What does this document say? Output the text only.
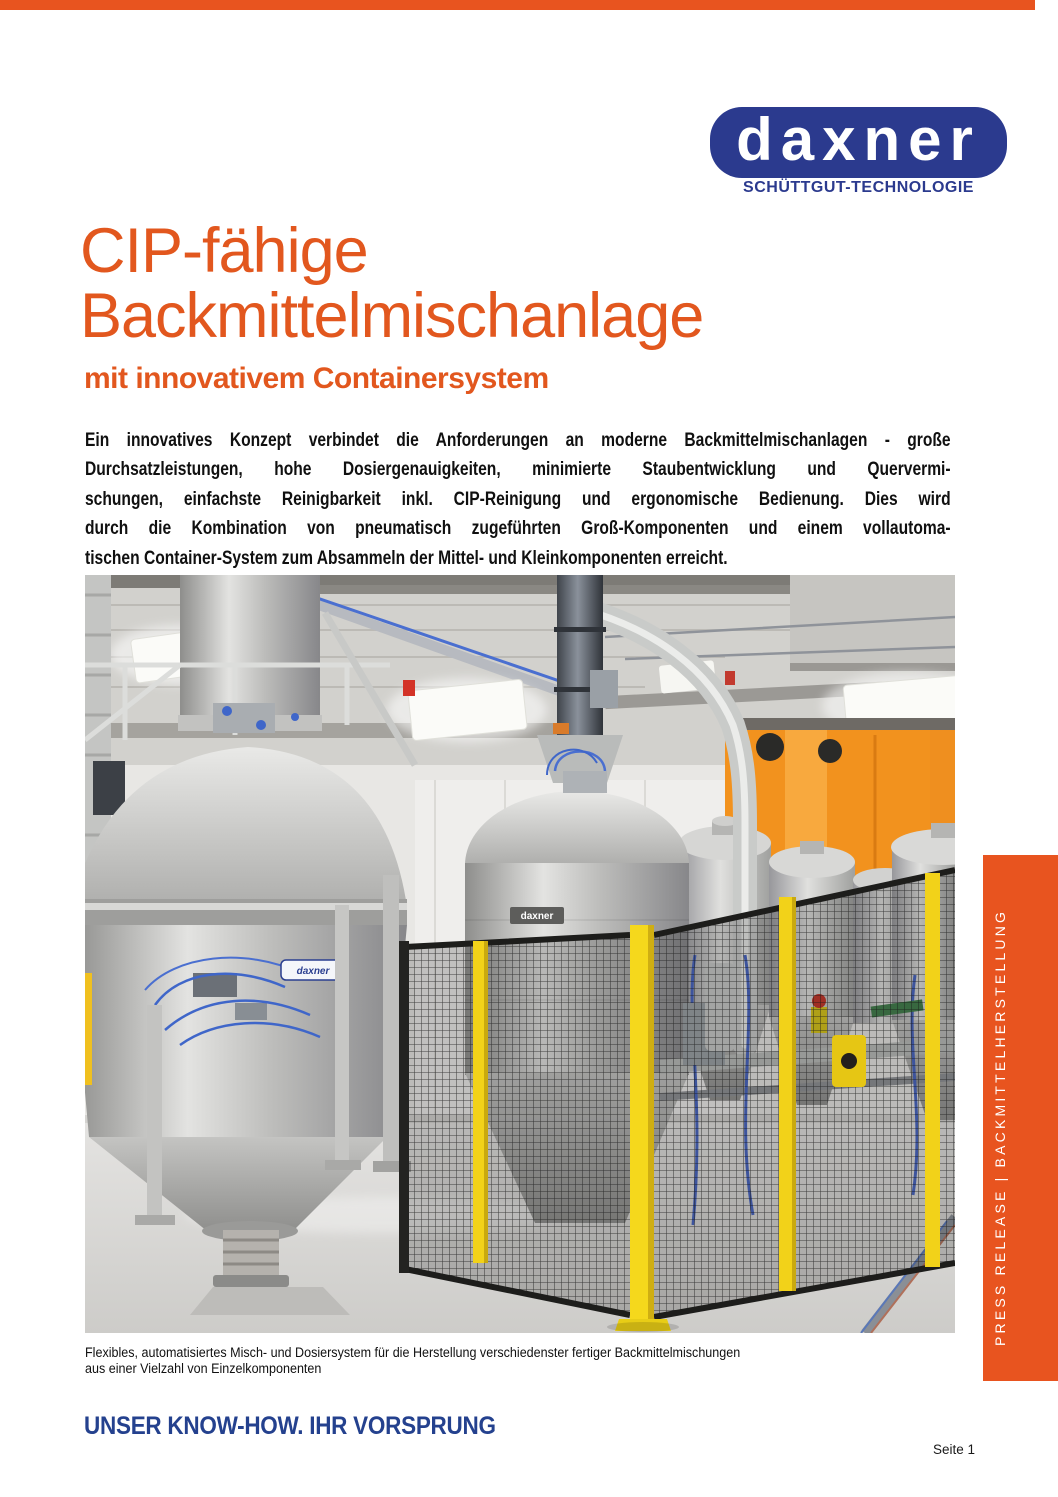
daxner
SCHÜTTGUT-TECHNOLOGIE
CIP-fähige
Backmittelmischanlage
mit innovativem Containersystem
Ein innovatives Konzept verbindet die Anforderungen an moderne Backmittelmischanlagen - große
Durchsatzleistungen, hohe Dosiergenauigkeiten, minimierte Staubentwicklung und Quervermi-
schungen, einfachste Reinigbarkeit inkl. CIP-Reinigung und ergonomische Bedienung. Dies wird
durch die Kombination von pneumatisch zugeführten Groß-Komponenten und einem vollautoma-
tischen Container-System zum Absammeln der Mittel- und Kleinkomponenten erreicht.
daxner
daxner
Flexibles, automatisiertes Misch- und Dosiersystem für die Herstellung verschiedenster fertiger Backmittelmischungen
aus einer Vielzahl von Einzelkomponenten
PRESS RELEASE | BACKMITTELHERSTELLUNG
UNSER KNOW-HOW. IHR VORSPRUNG
Seite 1
